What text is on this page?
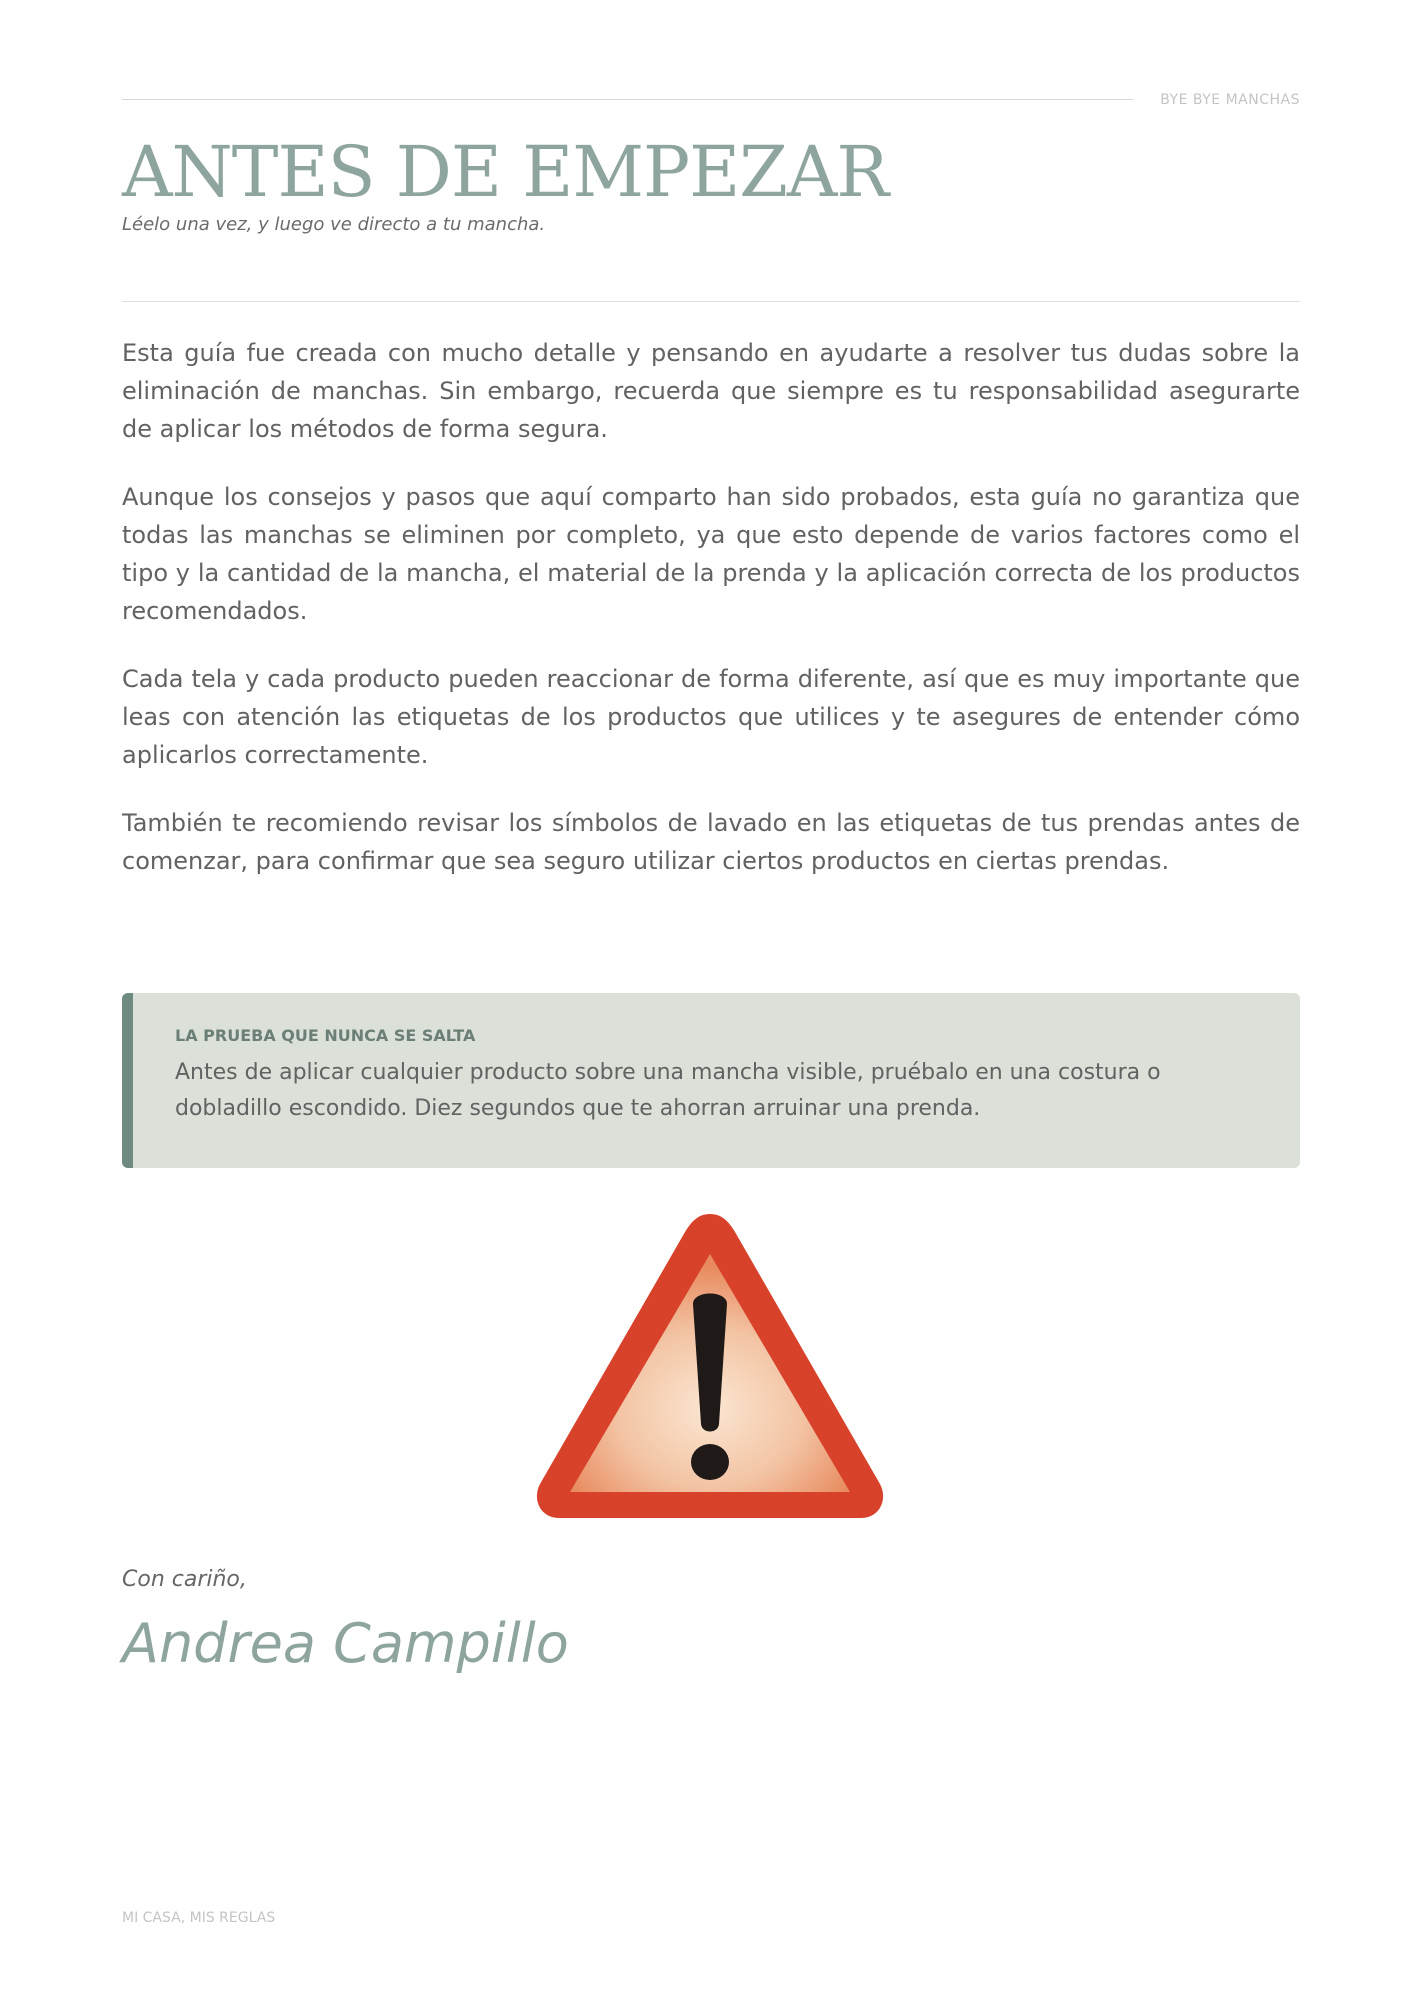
BYE BYE MANCHAS
ANTES DE EMPEZAR

Léelo una vez, y luego ve directo a tu mancha.

Esta guía fue creada con mucho detalle y pensando en ayudarte a resolver tus dudas sobre la eliminación de manchas. Sin embargo, recuerda que siempre es tu responsabilidad asegurarte de aplicar los métodos de forma segura.

Aunque los consejos y pasos que aquí comparto han sido probados, esta guía no garantiza que todas las manchas se eliminen por completo, ya que esto depende de varios factores como el tipo y la cantidad de la mancha, el material de la prenda y la aplicación correcta de los productos recomendados.

Cada tela y cada producto pueden reaccionar de forma diferente, así que es muy importante que leas con atención las etiquetas de los productos que utilices y te asegures de entender cómo aplicarlos correctamente.

También te recomiendo revisar los símbolos de lavado en las etiquetas de tus prendas antes de comenzar, para confirmar que sea seguro utilizar ciertos productos en ciertas prendas.

LA PRUEBA QUE NUNCA SE SALTA
Antes de aplicar cualquier producto sobre una mancha visible, pruébalo en una costura o dobladillo escondido. Diez segundos que te ahorran arruinar una prenda.
Con cariño,
Andrea Campillo
MI CASA, MIS REGLAS
